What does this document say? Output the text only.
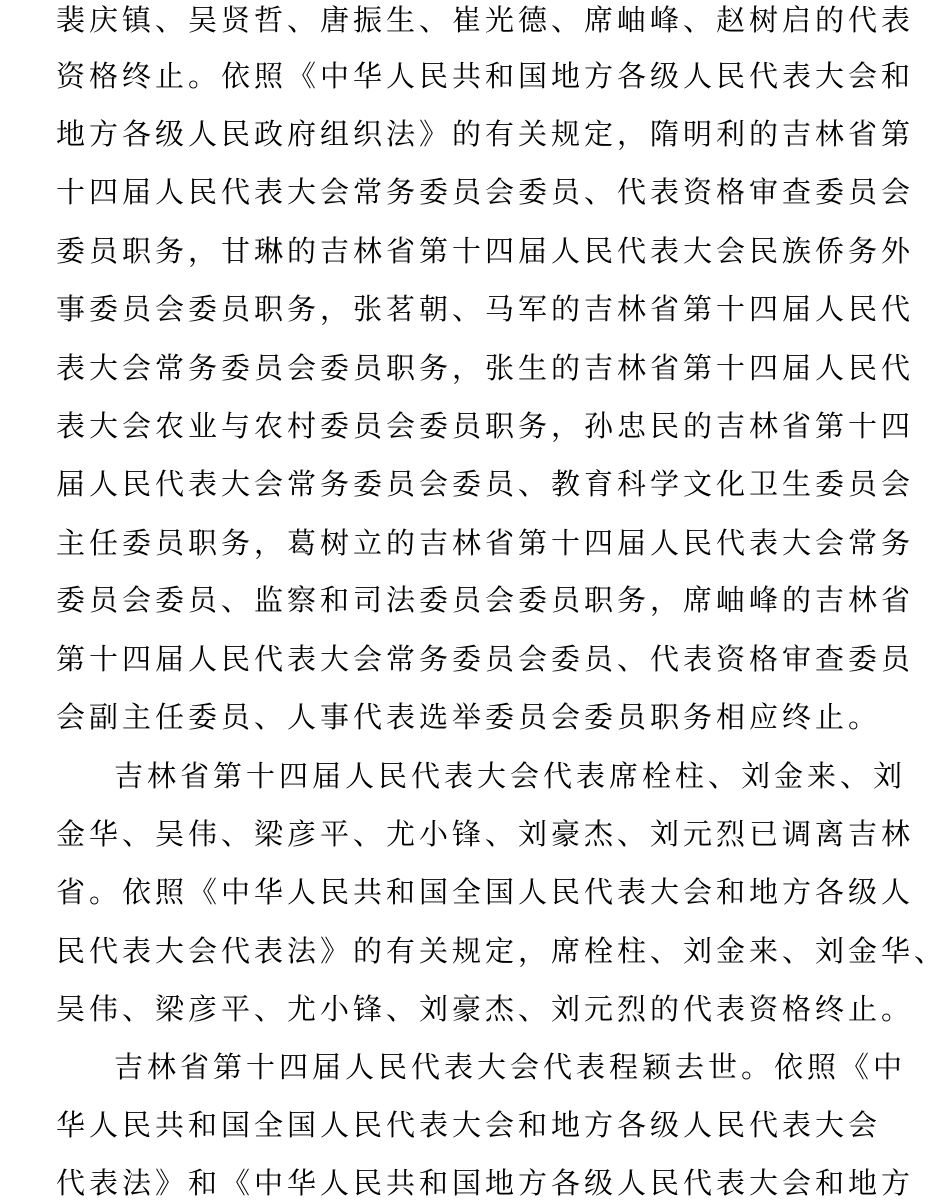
裴庆镇、吴贤哲、唐振生、崔光德、席岫峰、赵树启的代表
资格终止。依照《中华人民共和国地方各级人民代表大会和
地方各级人民政府组织法》的有关规定，隋明利的吉林省第
十四届人民代表大会常务委员会委员、代表资格审查委员会
委员职务，甘琳的吉林省第十四届人民代表大会民族侨务外
事委员会委员职务，张茗朝、马军的吉林省第十四届人民代
表大会常务委员会委员职务，张生的吉林省第十四届人民代
表大会农业与农村委员会委员职务，孙忠民的吉林省第十四
届人民代表大会常务委员会委员、教育科学文化卫生委员会
主任委员职务，葛树立的吉林省第十四届人民代表大会常务
委员会委员、监察和司法委员会委员职务，席岫峰的吉林省
第十四届人民代表大会常务委员会委员、代表资格审查委员
会副主任委员、人事代表选举委员会委员职务相应终止。
吉林省第十四届人民代表大会代表席栓柱、刘金来、刘
金华、吴伟、梁彦平、尤小锋、刘豪杰、刘元烈已调离吉林
省。依照《中华人民共和国全国人民代表大会和地方各级人
民代表大会代表法》的有关规定，席栓柱、刘金来、刘金华、
吴伟、梁彦平、尤小锋、刘豪杰、刘元烈的代表资格终止。
吉林省第十四届人民代表大会代表程颖去世。依照《中
华人民共和国全国人民代表大会和地方各级人民代表大会
代表法》和《中华人民共和国地方各级人民代表大会和地方
